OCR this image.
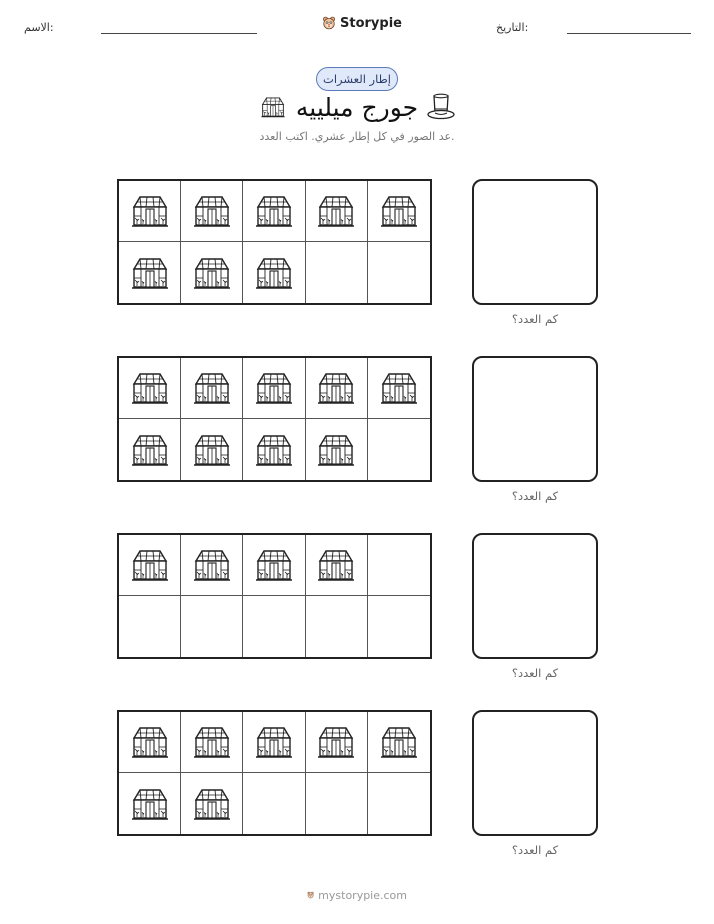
الاسم:	Storypie	التاريخ:
إطار العشرات
جورج ميلييه
عد الصور في كل إطار عشري. اكتب العدد.
كم العدد؟
كم العدد؟
كم العدد؟
كم العدد؟
mystorypie.com
